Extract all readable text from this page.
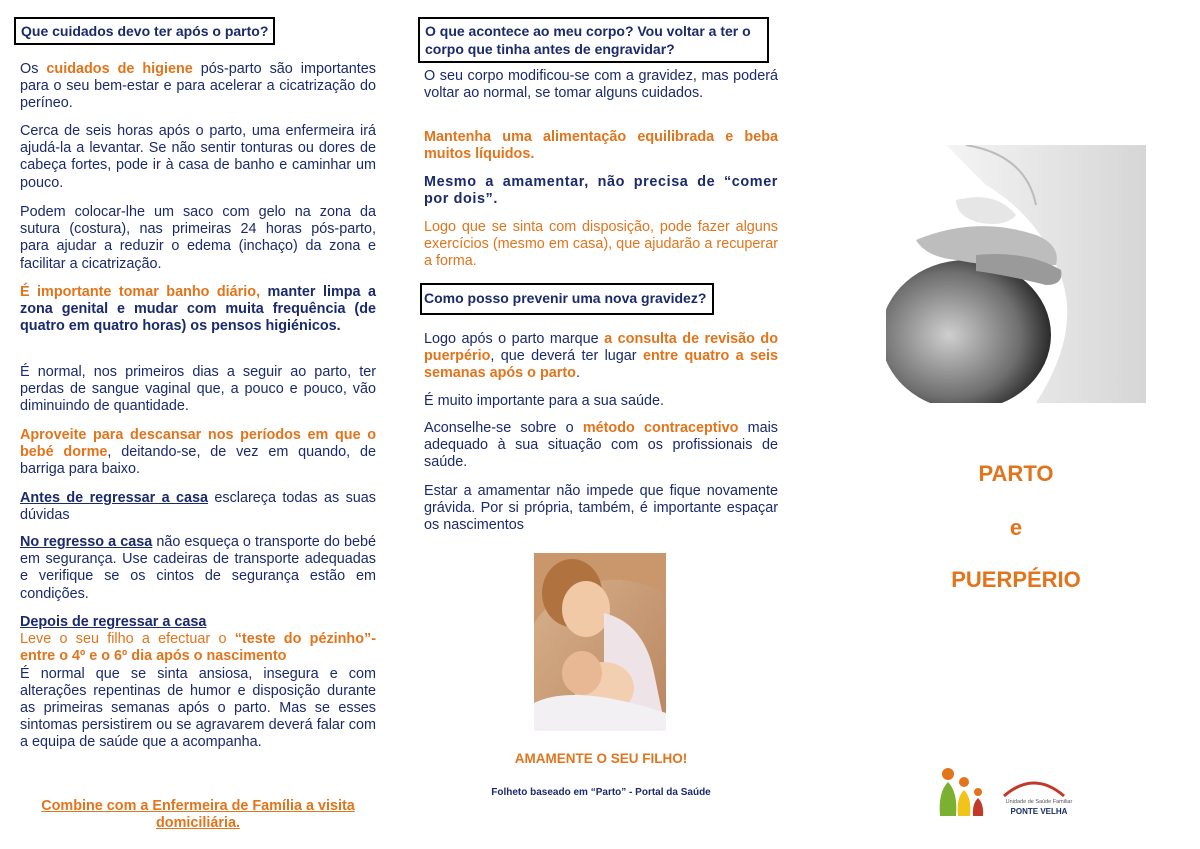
Que cuidados devo ter após o parto?

Os cuidados de higiene pós-parto são importantes para o seu bem-estar e para acelerar a cicatrização do períneo.

Cerca de seis horas após o parto, uma enfermeira irá ajudá-la a levantar. Se não sentir tonturas ou dores de cabeça fortes, pode ir à casa de banho e caminhar um pouco.

Podem colocar-lhe um saco com gelo na zona da sutura (costura), nas primeiras 24 horas pós-parto, para ajudar a reduzir o edema (inchaço) da zona e facilitar a cicatrização.

É importante tomar banho diário, manter limpa a zona genital e mudar com muita frequência (de quatro em quatro horas) os pensos higiénicos.

É normal, nos primeiros dias a seguir ao parto, ter perdas de sangue vaginal que, a pouco e pouco, vão diminuindo de quantidade.

Aproveite para descansar nos períodos em que o bebé dorme, deitando-se, de vez em quando, de barriga para baixo.

Antes de regressar a casa esclareça todas as suas dúvidas

No regresso a casa não esqueça o transporte do bebé em segurança. Use cadeiras de transporte adequadas e verifique se os cintos de segurança estão em condições.

Depois de regressar a casa
Leve o seu filho a efectuar o “teste do pézinho”- entre o 4º e o 6º dia após o nascimento
É normal que se sinta ansiosa, insegura e com alterações repentinas de humor e disposição durante as primeiras semanas após o parto. Mas se esses sintomas persistirem ou se agravarem deverá falar com a equipa de saúde que a acompanha.

Combine com a Enfermeira de Família a visita domiciliária.

O que acontece ao meu corpo? Vou voltar a ter o corpo que tinha antes de engravidar?

O seu corpo modificou-se com a gravidez, mas poderá voltar ao normal, se tomar alguns cuidados.

Mantenha uma alimentação equilibrada e beba muitos líquidos.

Mesmo a amamentar, não precisa de “comer por dois”.

Logo que se sinta com disposição, pode fazer alguns exercícios (mesmo em casa), que ajudarão a recuperar a forma.

Como posso prevenir uma nova gravidez?

Logo após o parto marque a consulta de revisão do puerpério, que deverá ter lugar entre quatro a seis semanas após o parto.

É muito importante para a sua saúde.

Aconselhe-se sobre o método contraceptivo mais adequado à sua situação com os profissionais de saúde.

Estar a amamentar não impede que fique novamente grávida. Por si própria, também, é importante espaçar os nascimentos

AMAMENTE O SEU FILHO!
Folheto baseado em “Parto” - Portal da Saúde
PARTO
e
PUERPÉRIO
Unidade de Saúde Familiar
PONTE VELHA
